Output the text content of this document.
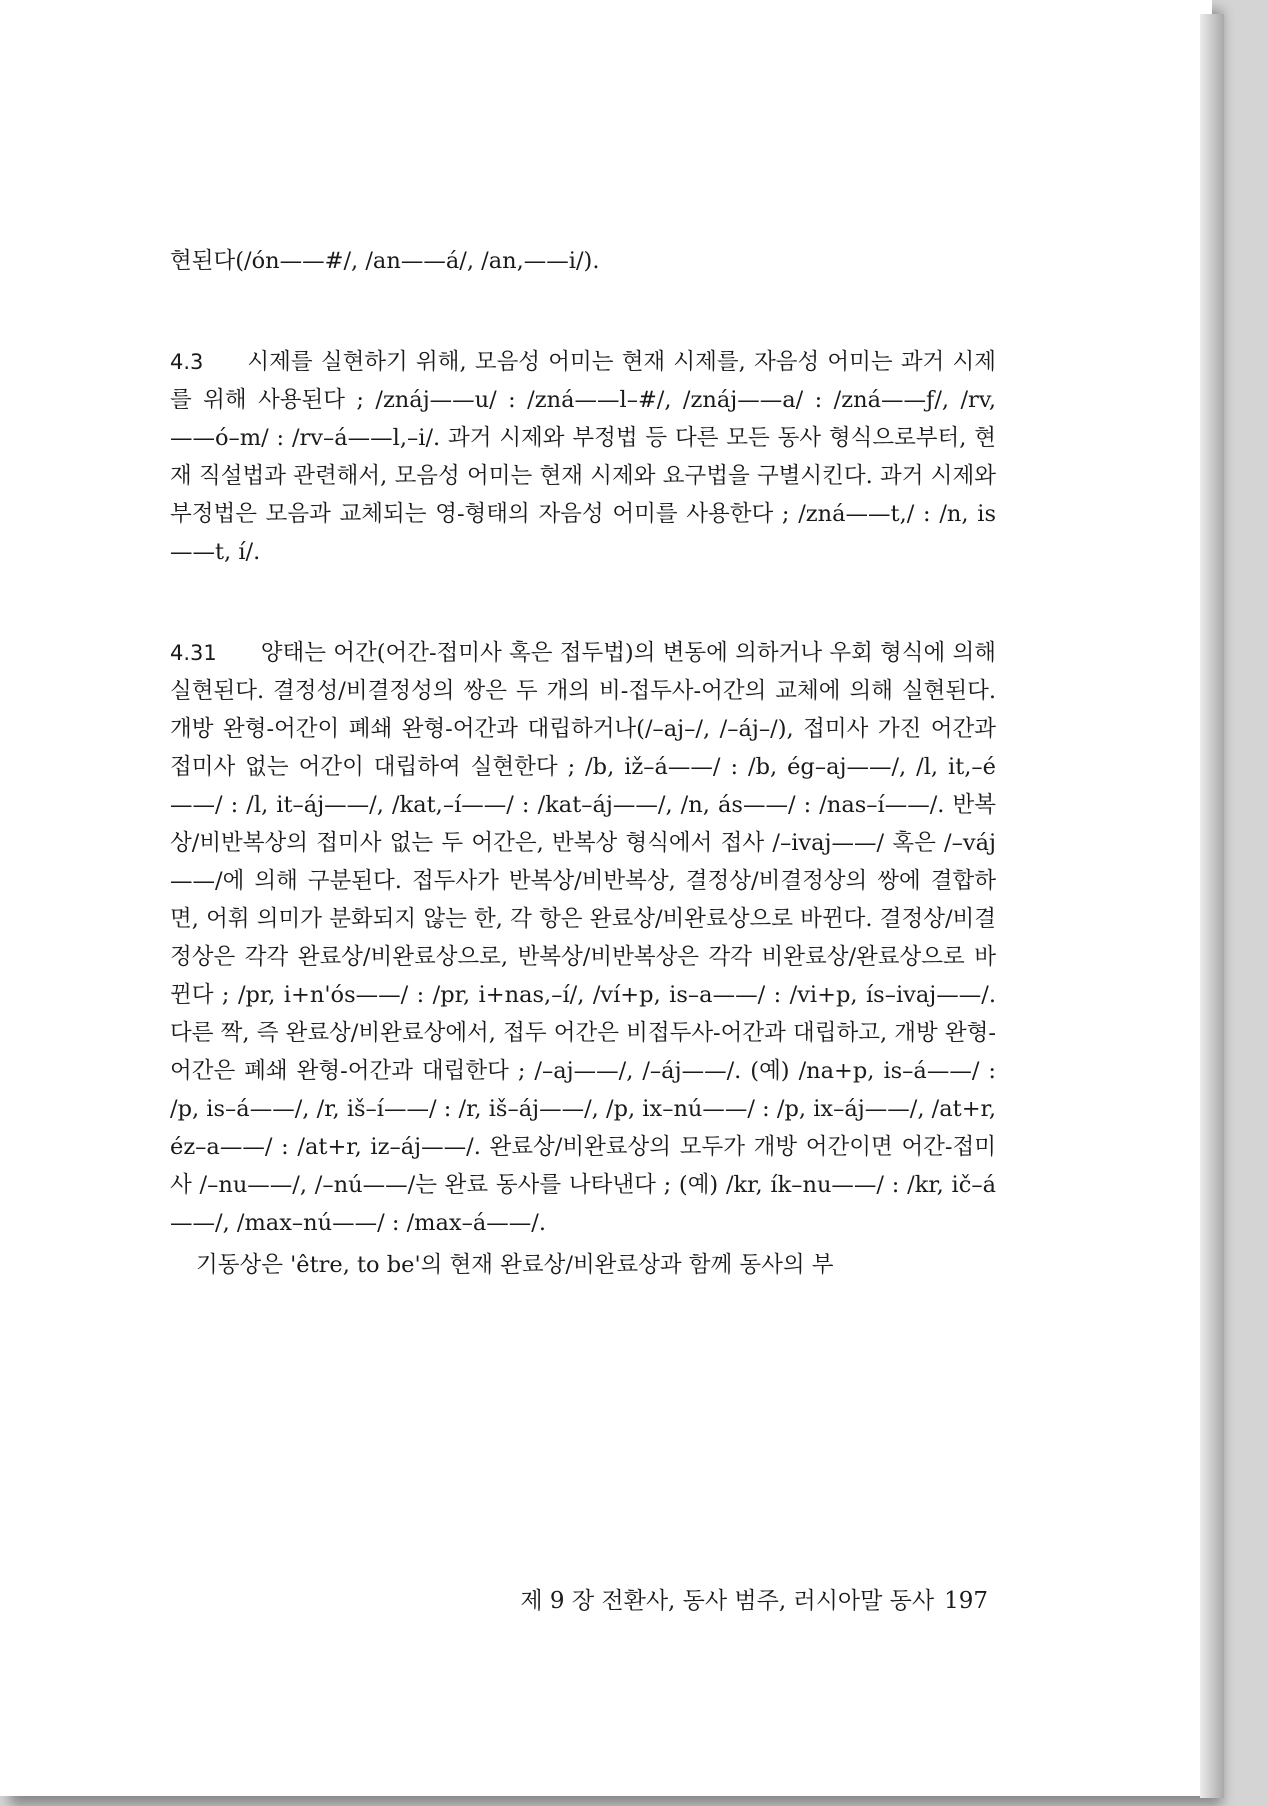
현된다(/ón——#/, /an——á/, /an,——i/).

4.3 시제를 실현하기 위해, 모음성 어미는 현재 시제를, 자음성 어미는 과거 시제를 위해 사용된다 ; /znáj——u/ : /zná——l–#/, /znáj——a/ : /zná——ƒ/, /rv, ——ó–m/ : /rv–á——l,–i/. 과거 시제와 부정법 등 다른 모든 동사 형식으로부터, 현재 직설법과 관련해서, 모음성 어미는 현재 시제와 요구법을 구별시킨다. 과거 시제와 부정법은 모음과 교체되는 영-형태의 자음성 어미를 사용한다 ; /zná——t,/ : /n, is——t, í/.

4.31 양태는 어간(어간-접미사 혹은 접두법)의 변동에 의하거나 우회 형식에 의해 실현된다. 결정성/비결정성의 쌍은 두 개의 비-접두사-어간의 교체에 의해 실현된다. 개방 완형-어간이 폐쇄 완형-어간과 대립하거나(/–aj–/, /–áj–/), 접미사 가진 어간과 접미사 없는 어간이 대립하여 실현한다 ; /b, iž–á——/ : /b, ég–aj——/, /l, it,–é——/ : /l, it–áj——/, /kat,–í——/ : /kat–áj——/, /n, ás——/ : /nas–í——/. 반복상/비반복상의 접미사 없는 두 어간은, 반복상 형식에서 접사 /–ivaj——/ 혹은 /–váj——/에 의해 구분된다. 접두사가 반복상/비반복상, 결정상/비결정상의 쌍에 결합하면, 어휘 의미가 분화되지 않는 한, 각 항은 완료상/비완료상으로 바뀐다. 결정상/비결정상은 각각 완료상/비완료상으로, 반복상/비반복상은 각각 비완료상/완료상으로 바뀐다 ; /pr, i+n'ós——/ : /pr, i+nas,–í/, /ví+p, is–a——/ : /vi+p, ís–ivaj——/. 다른 짝, 즉 완료상/비완료상에서, 접두 어간은 비접두사-어간과 대립하고, 개방 완형-어간은 폐쇄 완형-어간과 대립한다 ; /–aj——/, /–áj——/. (예) /na+p, is–á——/ : /p, is–á——/, /r, iš–í——/ : /r, iš–áj——/, /p, ix–nú——/ : /p, ix–áj——/, /at+r, éz–a——/ : /at+r, iz–áj——/. 완료상/비완료상의 모두가 개방 어간이면 어간-접미사 /–nu——/, /–nú——/는 완료 동사를 나타낸다 ; (예) /kr, ík–nu——/ : /kr, ič–á——/, /max–nú——/ : /max–á——/.

기동상은 'être, to be'의 현재 완료상/비완료상과 함께 동사의 부

제 9 장 전환사, 동사 범주, 러시아말 동사 197
